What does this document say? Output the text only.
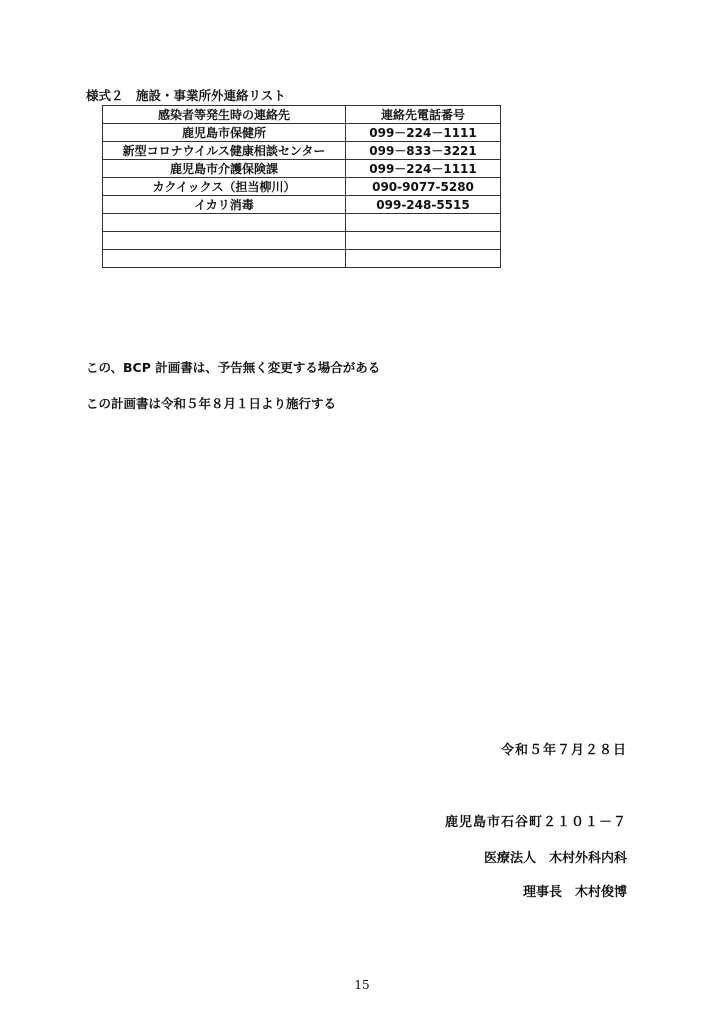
様式２　施設・事業所外連絡リスト
感染者等発生時の連絡先	連絡先電話番号
鹿児島市保健所	099－224－1111
新型コロナウイルス健康相談センター	099－833－3221
鹿児島市介護保険課	099－224－1111
カクイックス（担当柳川）	090-9077-5280
イカリ消毒	099-248-5515

この、BCP 計画書は、予告無く変更する場合がある
この計画書は令和５年８月１日より施行する
令和５年７月２８日
鹿児島市石谷町２１０１－７
医療法人　木村外科内科
理事長　木村俊博
15
